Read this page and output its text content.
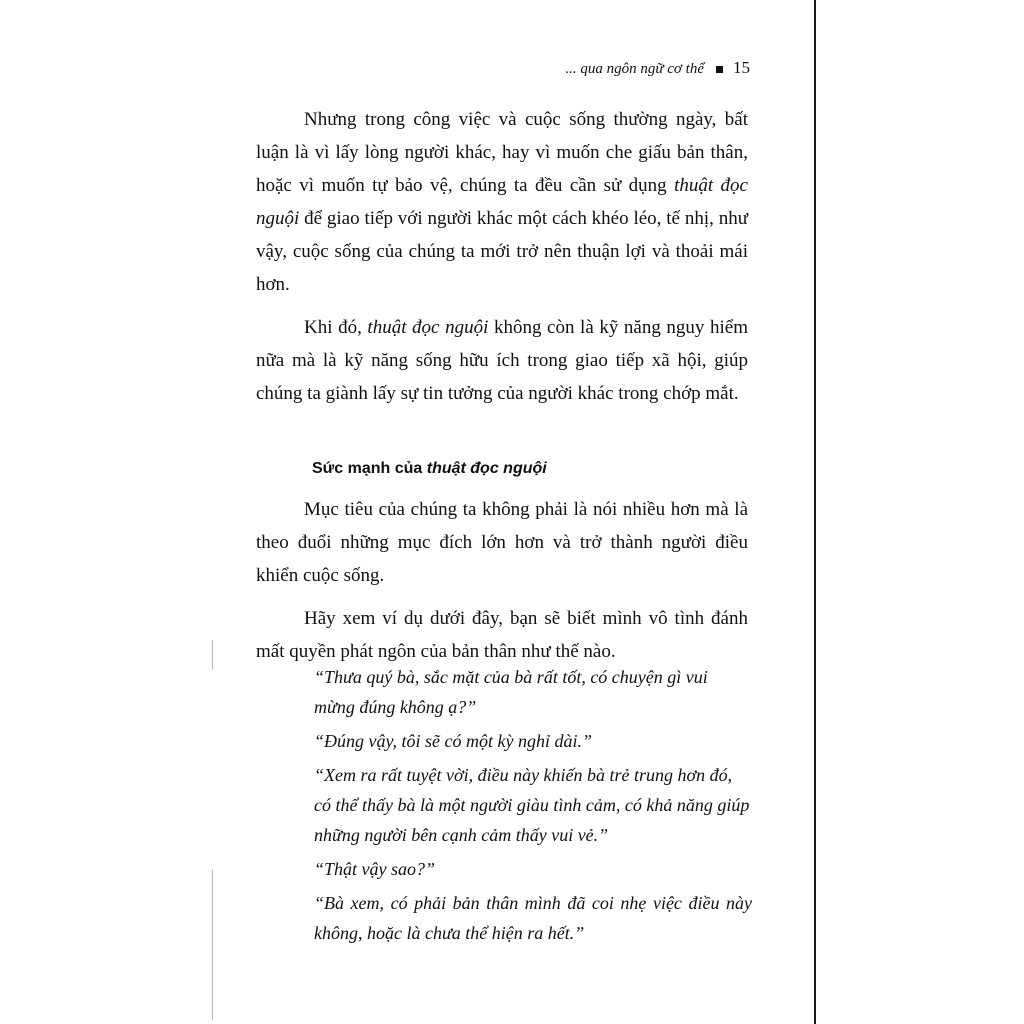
... qua ngôn ngữ cơ thể 15

Nhưng trong công việc và cuộc sống thường ngày, bất luận là vì lấy lòng người khác, hay vì muốn che giấu bản thân, hoặc vì muốn tự bảo vệ, chúng ta đều cần sử dụng thuật đọc nguội để giao tiếp với người khác một cách khéo léo, tế nhị, như vậy, cuộc sống của chúng ta mới trở nên thuận lợi và thoải mái hơn.

Khi đó, thuật đọc nguội không còn là kỹ năng nguy hiểm nữa mà là kỹ năng sống hữu ích trong giao tiếp xã hội, giúp chúng ta giành lấy sự tin tưởng của người khác trong chớp mắt.

Sức mạnh của thuật đọc nguội

Mục tiêu của chúng ta không phải là nói nhiều hơn mà là theo đuổi những mục đích lớn hơn và trở thành người điều khiển cuộc sống.

Hãy xem ví dụ dưới đây, bạn sẽ biết mình vô tình đánh mất quyền phát ngôn của bản thân như thế nào.

“Thưa quý bà, sắc mặt của bà rất tốt, có chuyện gì vui mừng đúng không ạ?”

“Đúng vậy, tôi sẽ có một kỳ nghỉ dài.”

“Xem ra rất tuyệt vời, điều này khiến bà trẻ trung hơn đó, có thể thấy bà là một người giàu tình cảm, có khả năng giúp những người bên cạnh cảm thấy vui vẻ.”

“Thật vậy sao?”

“Bà xem, có phải bản thân mình đã coi nhẹ việc điều này không, hoặc là chưa thể hiện ra hết.”
